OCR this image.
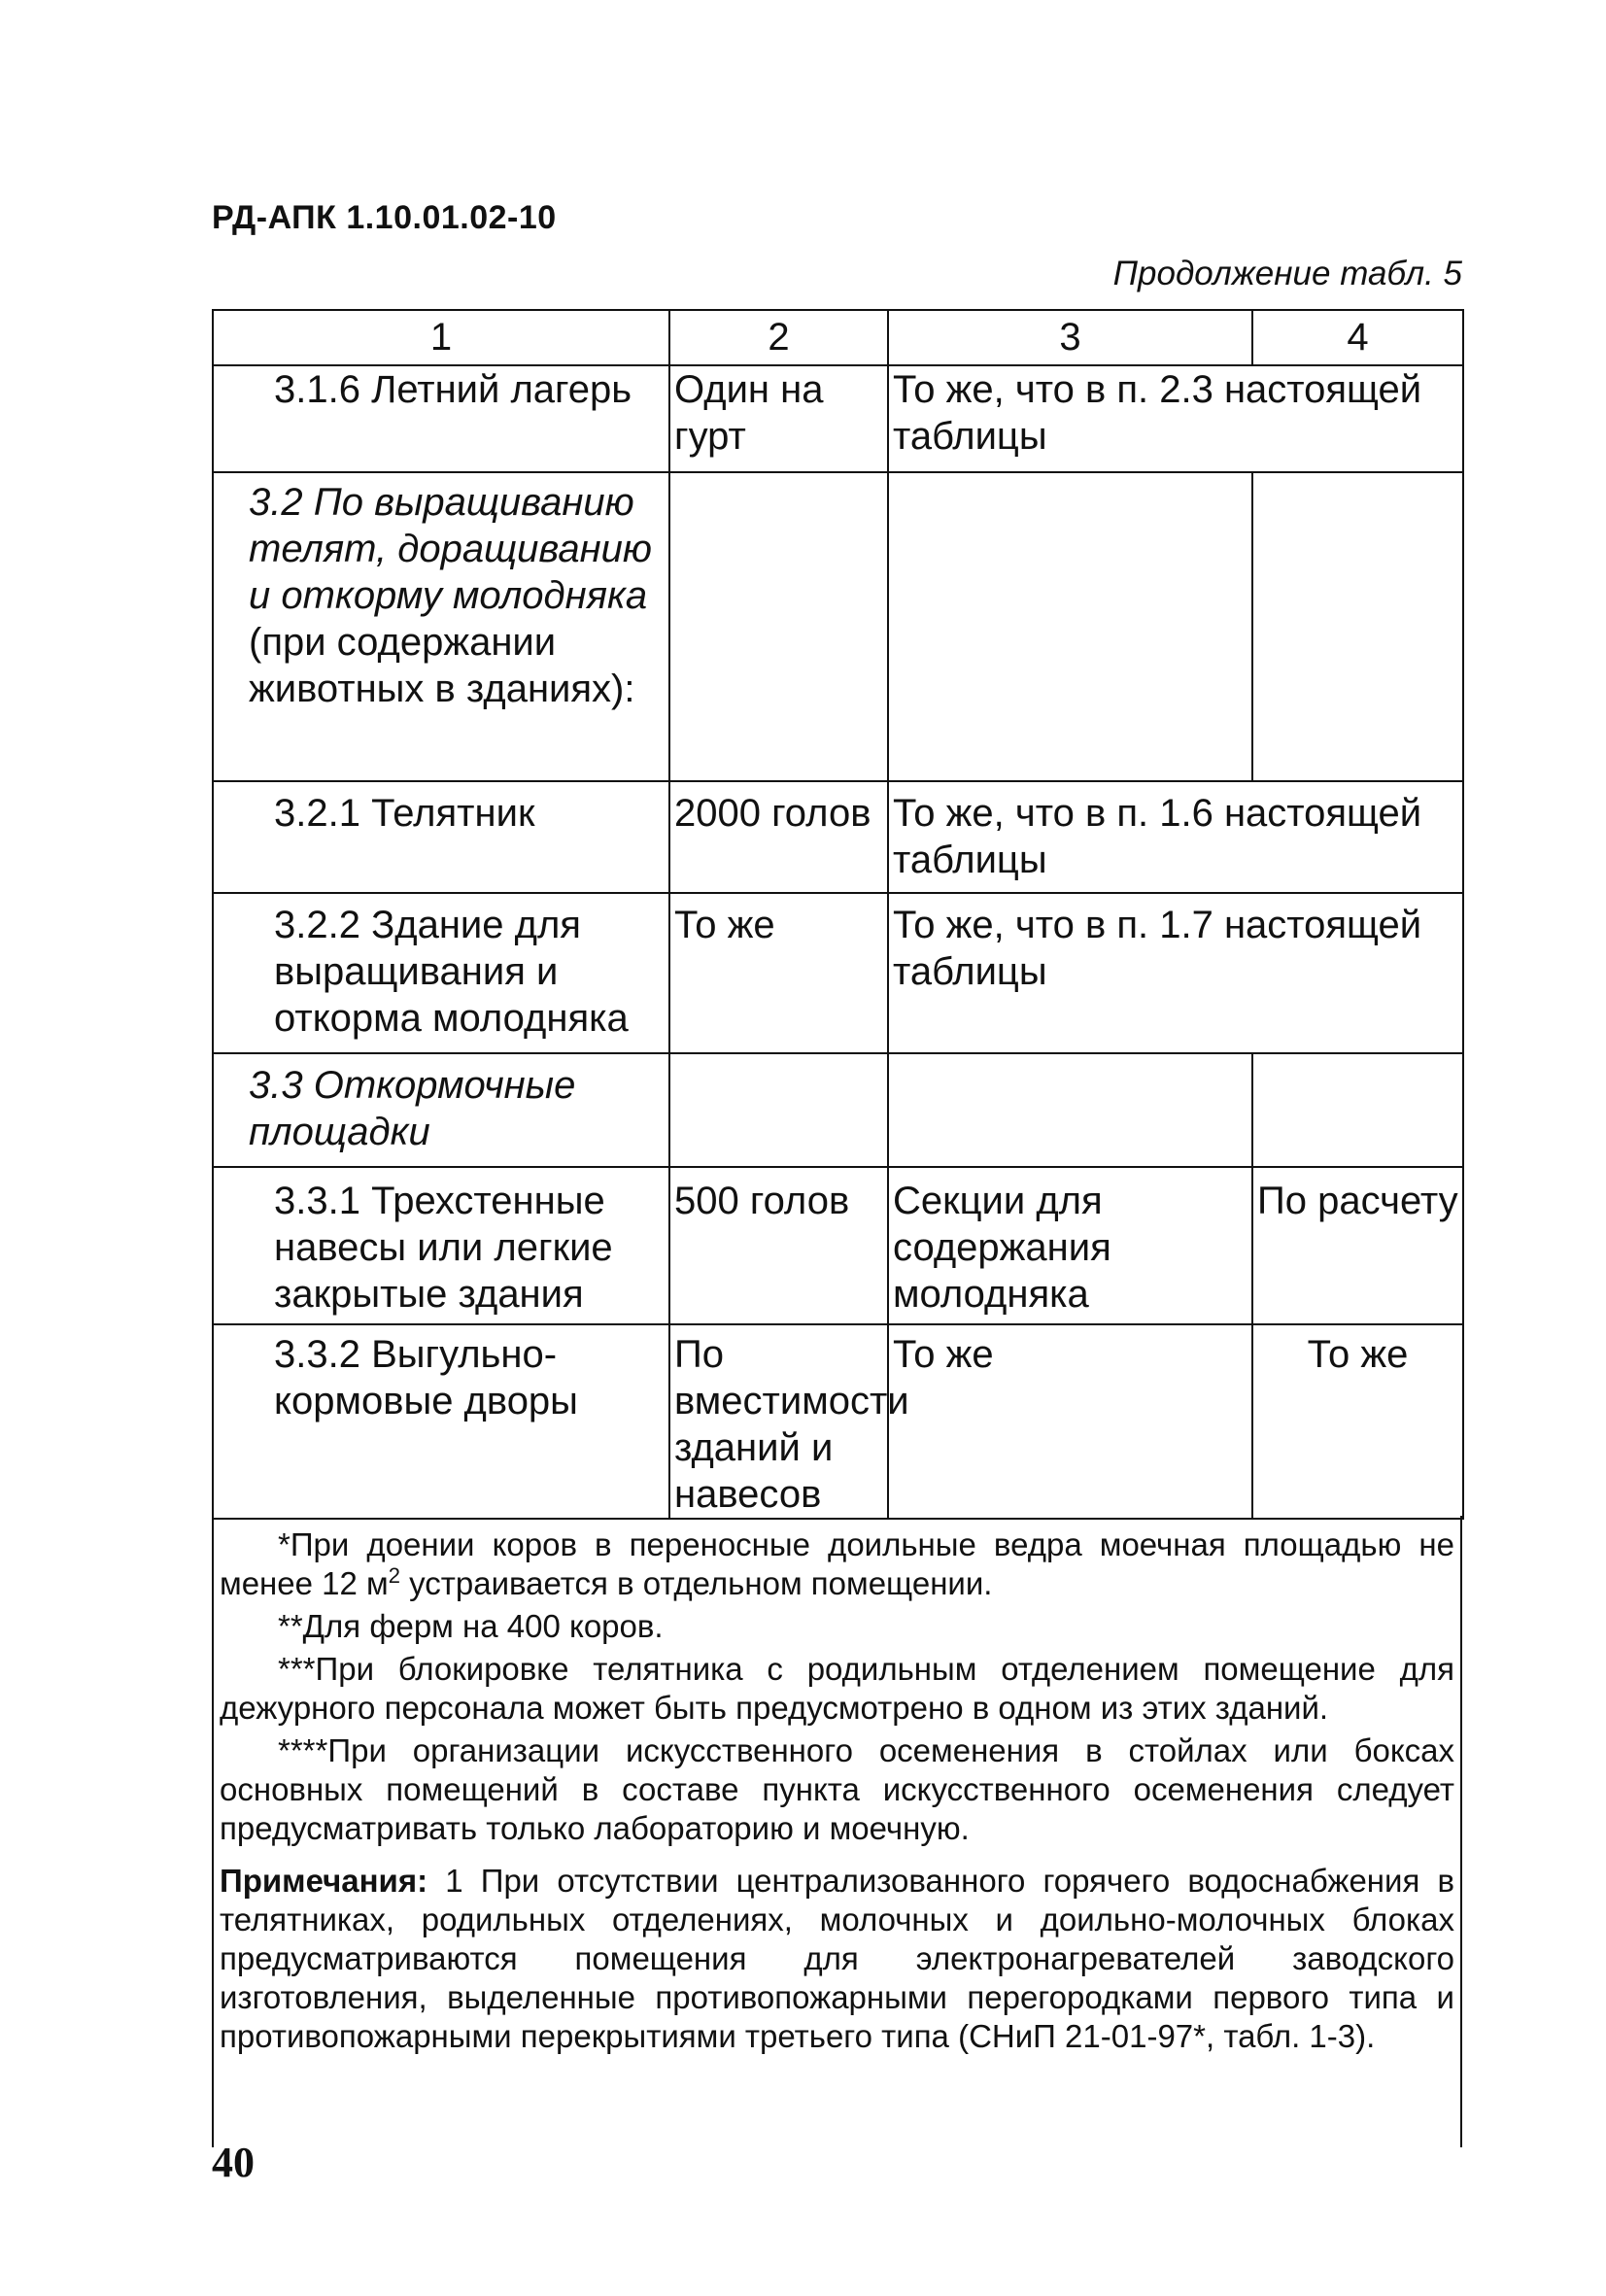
РД-АПК 1.10.01.02-10
Продолжение табл. 5
1	2	3	4
3.1.6 Летний лагерь	Один на гурт	То же, что в п. 2.3 настоящей таблицы	
3.2 По выращиванию телят, доращиванию и откорму молодняка (при содержании животных в зданиях):			
3.2.1 Телятник	2000 голов	То же, что в п. 1.6 настоящей таблицы	
3.2.2 Здание для выращивания и откорма молодняка	То же	То же, что в п. 1.7 настоящей таблицы	
3.3 Откормочные площадки			
3.3.1 Трехстенные навесы или легкие закрытые здания	500 голов	Секции для содержания молодняка	По расчету
3.3.2 Выгульно-кормовые дворы	По вместимости зданий и навесов	То же	То же

*При доении коров в переносные доильные ведра моечная площадью не менее 12 $м^2$ устраивается в отдельном помещении.

**Для ферм на 400 коров.

***При блокировке телятника с родильным отделением помещение для дежурного персонала может быть предусмотрено в одном из этих зданий.

****При организации искусственного осеменения в стойлах или боксах основных помещений в составе пункта искусственного осеменения следует предусматривать только лабораторию и моечную.

Примечания: 1 При отсутствии централизованного горячего водоснабжения в телятниках, родильных отделениях, молочных и доильно-молочных блоках предусматриваются помещения для электронагревателей заводского изготовления, выделенные противопожарными перегородками первого типа и противопожарными перекрытиями третьего типа (СНиП 21-01-97*, табл. 1-3).

40
